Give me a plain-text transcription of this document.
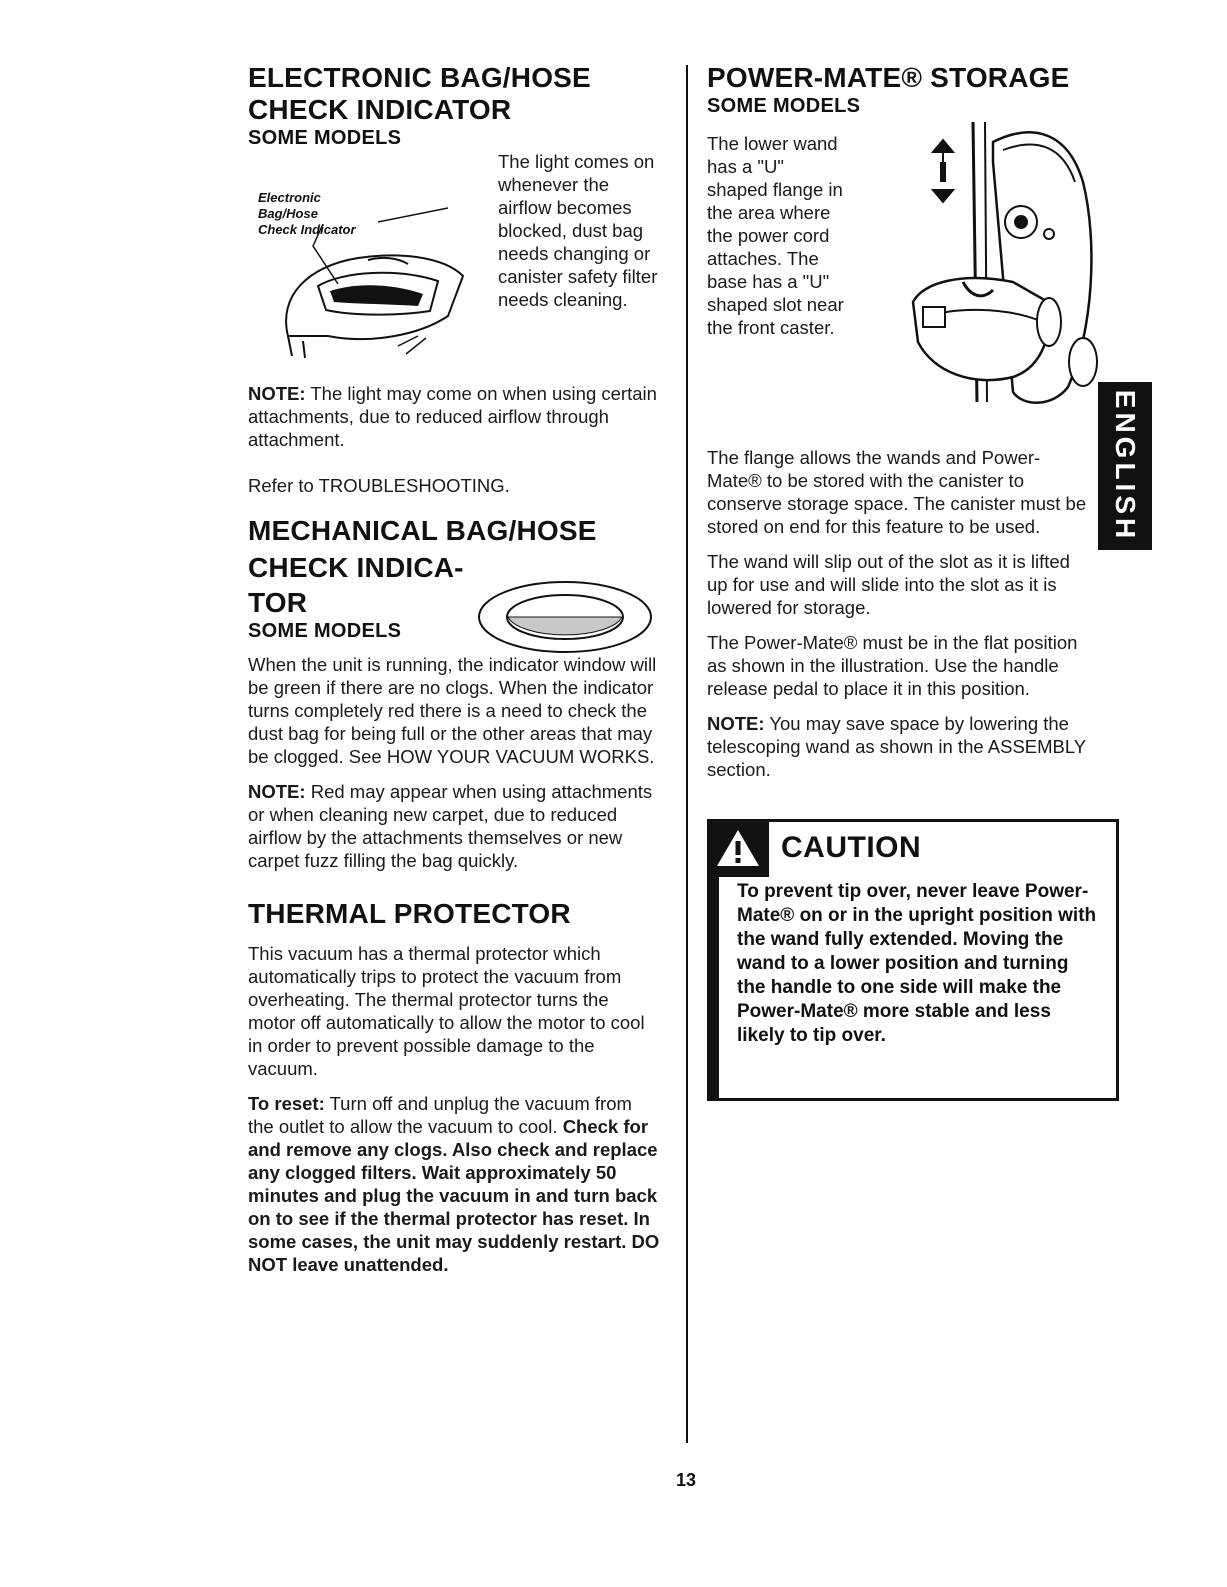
ELECTRONIC BAG/HOSE
CHECK INDICATOR
SOME MODELS
Electronic
Bag/Hose
Check Indicator

The light comes on whenever the airflow becomes blocked, dust bag needs changing or canister safety filter needs cleaning.

NOTE: The light may come on when using certain attachments, due to reduced airflow through attachment.

Refer to TROUBLESHOOTING.

MECHANICAL BAG/HOSE
CHECK INDICA-
TOR
SOME MODELS

When the unit is running, the indicator window will be green if there are no clogs. When the indicator turns completely red there is a need to check the dust bag for being full or the other areas that may be clogged. See HOW YOUR VACUUM WORKS.

NOTE: Red may appear when using attachments or when cleaning new carpet, due to reduced airflow by the attachments themselves or new carpet fuzz filling the bag quickly.

THERMAL PROTECTOR

This vacuum has a thermal protector which automatically trips to protect the vacuum from overheating. The thermal protector turns the motor off automatically to allow the motor to cool in order to prevent possible damage to the vacuum.

To reset: Turn off and unplug the vacuum from the outlet to allow the vacuum to cool. Check for and remove any clogs. Also check and replace any clogged filters. Wait approximately 50 minutes and plug the vacuum in and turn back on to see if the thermal protector has reset. In some cases, the unit may suddenly restart. DO NOT leave unattended.

POWER-MATE® STORAGE
SOME MODELS

The lower wand has a "U" shaped flange in the area where the power cord attaches. The base has a "U" shaped slot near the front caster.

The flange allows the wands and Power-Mate® to be stored with the canister to conserve storage space. The canister must be stored on end for this feature to be used.

The wand will slip out of the slot as it is lifted up for use and will slide into the slot as it is lowered for storage.

The Power-Mate® must be in the flat position as shown in the illustration. Use the handle release pedal to place it in this position.

NOTE: You may save space by lowering the telescoping wand as shown in the ASSEMBLY section.

CAUTION

To prevent tip over, never leave Power-Mate® on or in the upright position with the wand fully extended. Moving the wand to a lower position and turning the handle to one side will make the Power-Mate® more stable and less likely to tip over.

ENGLISH
13
